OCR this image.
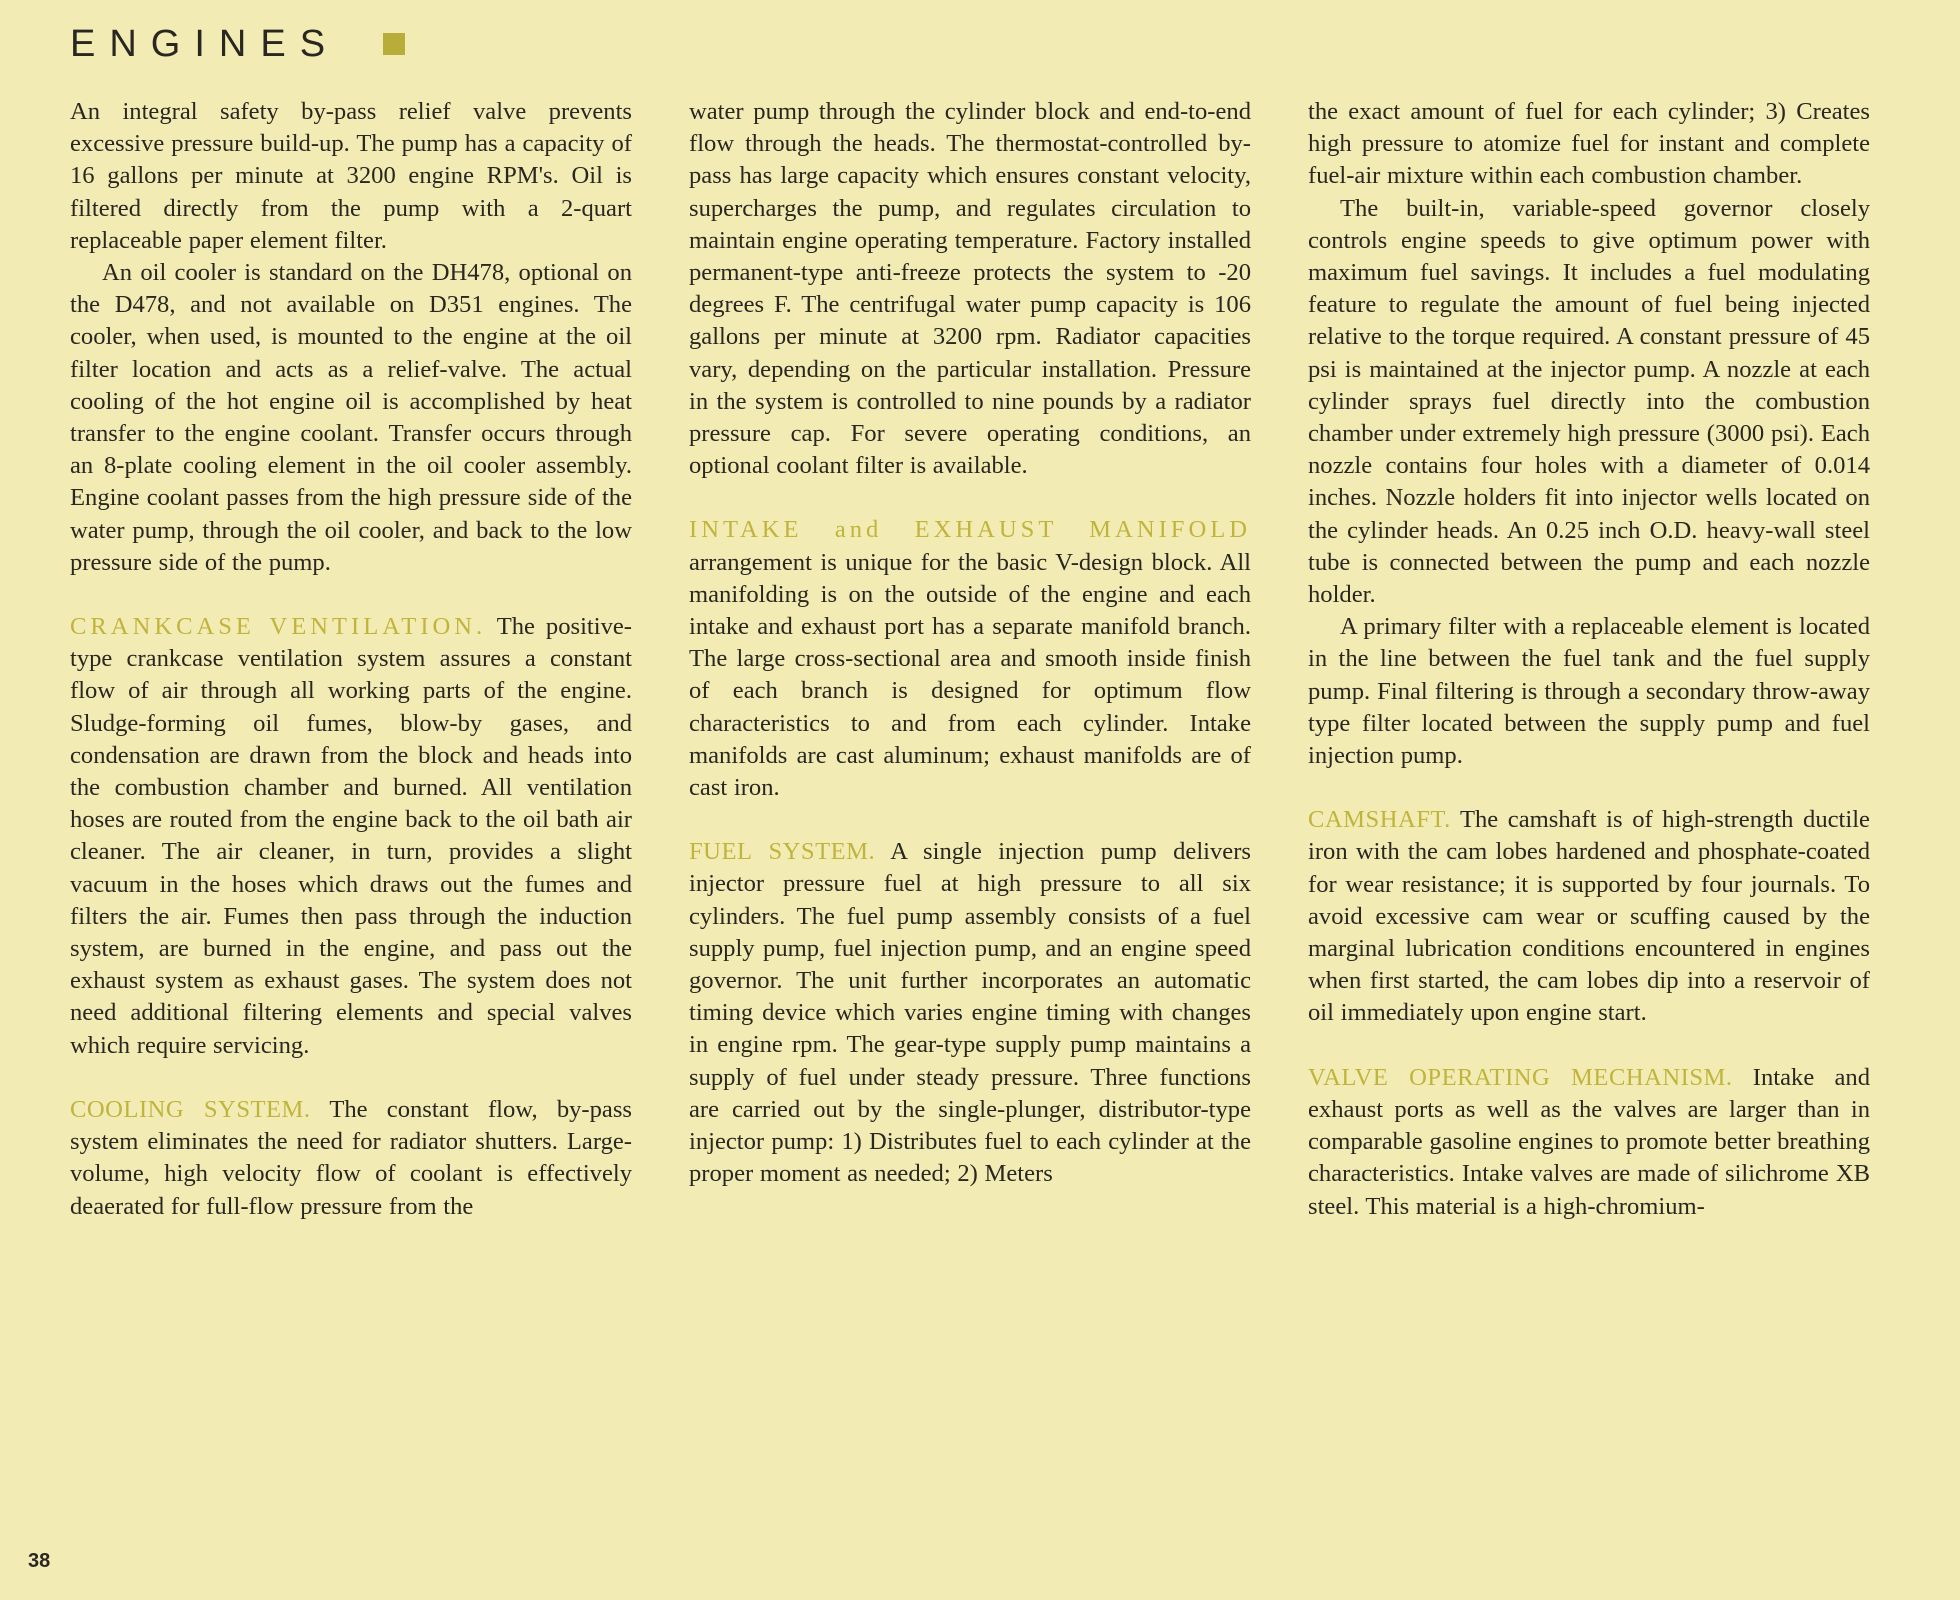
ENGINES

An integral safety by-pass relief valve prevents excessive pressure build-up. The pump has a capacity of 16 gallons per minute at 3200 engine RPM's. Oil is filtered directly from the pump with a 2-quart replaceable paper element filter.

An oil cooler is standard on the DH478, optional on the D478, and not available on D351 engines. The cooler, when used, is mounted to the engine at the oil filter location and acts as a relief-valve. The actual cooling of the hot engine oil is accomplished by heat transfer to the engine coolant. Transfer occurs through an 8-plate cooling element in the oil cooler assembly. Engine coolant passes from the high pressure side of the water pump, through the oil cooler, and back to the low pressure side of the pump.

CRANKCASE VENTILATION. The positive-type crankcase ventilation system assures a constant flow of air through all working parts of the engine. Sludge-forming oil fumes, blow-by gases, and condensation are drawn from the block and heads into the combustion chamber and burned. All ventilation hoses are routed from the engine back to the oil bath air cleaner. The air cleaner, in turn, provides a slight vacuum in the hoses which draws out the fumes and filters the air. Fumes then pass through the induction system, are burned in the engine, and pass out the exhaust system as exhaust gases. The system does not need additional filtering elements and special valves which require servicing.

COOLING SYSTEM. The constant flow, by-pass system eliminates the need for radiator shutters. Large-volume, high velocity flow of coolant is effectively deaerated for full-flow pressure from the

water pump through the cylinder block and end-to-end flow through the heads. The thermostat-controlled by-pass has large capacity which ensures constant velocity, supercharges the pump, and regulates circulation to maintain engine operating temperature. Factory installed permanent-type anti-freeze protects the system to -20 degrees F. The centrifugal water pump capacity is 106 gallons per minute at 3200 rpm. Radiator capacities vary, depending on the particular installation. Pressure in the system is controlled to nine pounds by a radiator pressure cap. For severe operating conditions, an optional coolant filter is available.

INTAKE and EXHAUST MANIFOLD arrangement is unique for the basic V-design block. All manifolding is on the outside of the engine and each intake and exhaust port has a separate manifold branch. The large cross-sectional area and smooth inside finish of each branch is designed for optimum flow characteristics to and from each cylinder. Intake manifolds are cast aluminum; exhaust manifolds are of cast iron.

FUEL SYSTEM. A single injection pump delivers injector pressure fuel at high pressure to all six cylinders. The fuel pump assembly consists of a fuel supply pump, fuel injection pump, and an engine speed governor. The unit further incorporates an automatic timing device which varies engine timing with changes in engine rpm. The gear-type supply pump maintains a supply of fuel under steady pressure. Three functions are carried out by the single-plunger, distributor-type injector pump: 1) Distributes fuel to each cylinder at the proper moment as needed; 2) Meters

the exact amount of fuel for each cylinder; 3) Creates high pressure to atomize fuel for instant and complete fuel-air mixture within each combustion chamber.

The built-in, variable-speed governor closely controls engine speeds to give optimum power with maximum fuel savings. It includes a fuel modulating feature to regulate the amount of fuel being injected relative to the torque required. A constant pressure of 45 psi is maintained at the injector pump. A nozzle at each cylinder sprays fuel directly into the combustion chamber under extremely high pressure (3000 psi). Each nozzle contains four holes with a diameter of 0.014 inches. Nozzle holders fit into injector wells located on the cylinder heads. An 0.25 inch O.D. heavy-wall steel tube is connected between the pump and each nozzle holder.

A primary filter with a replaceable element is located in the line between the fuel tank and the fuel supply pump. Final filtering is through a secondary throw-away type filter located between the supply pump and fuel injection pump.

CAMSHAFT. The camshaft is of high-strength ductile iron with the cam lobes hardened and phosphate-coated for wear resistance; it is supported by four journals. To avoid excessive cam wear or scuffing caused by the marginal lubrication conditions encountered in engines when first started, the cam lobes dip into a reservoir of oil immediately upon engine start.

VALVE OPERATING MECHANISM. Intake and exhaust ports as well as the valves are larger than in comparable gasoline engines to promote better breathing characteristics. Intake valves are made of silichrome XB steel. This material is a high-chromium-

38
